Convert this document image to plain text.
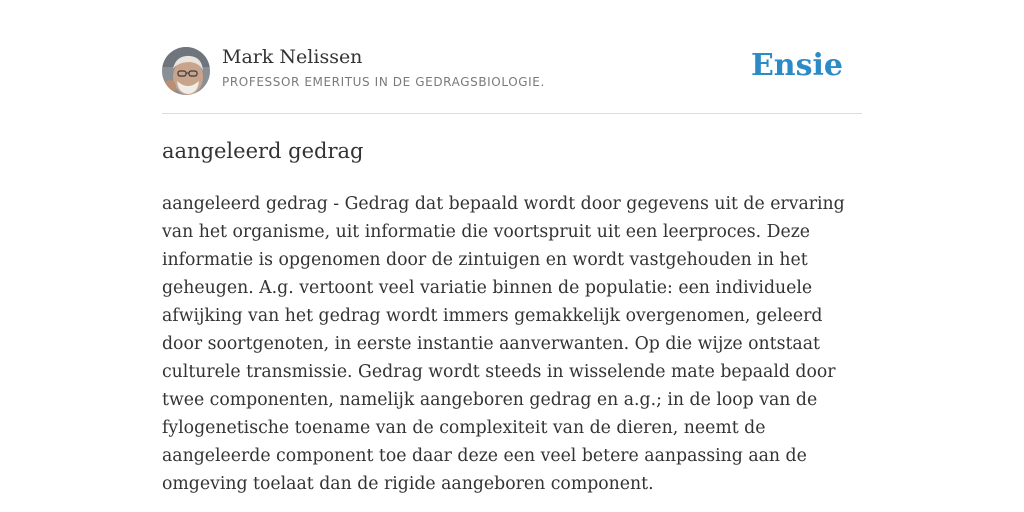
Mark Nelissen
PROFESSOR EMERITUS IN DE GEDRAGSBIOLOGIE.	Ensie
aangeleerd gedrag

aangeleerd gedrag - Gedrag dat bepaald wordt door gegevens uit de ervaring van het organisme, uit informatie die voortspruit uit een leerproces. Deze informatie is opgenomen door de zintuigen en wordt vastgehouden in het geheugen. A.g. vertoont veel variatie binnen de populatie: een individuele afwijking van het gedrag wordt immers gemakkelijk overgenomen, geleerd door soortgenoten, in eerste instantie aanverwanten. Op die wijze ontstaat culturele transmissie. Gedrag wordt steeds in wisselende mate bepaald door twee componenten, namelijk aangeboren gedrag en a.g.; in de loop van de fylogenetische toename van de complexiteit van de dieren, neemt de aangeleerde component toe daar deze een veel betere aanpassing aan de omgeving toelaat dan de rigide aangeboren component.
